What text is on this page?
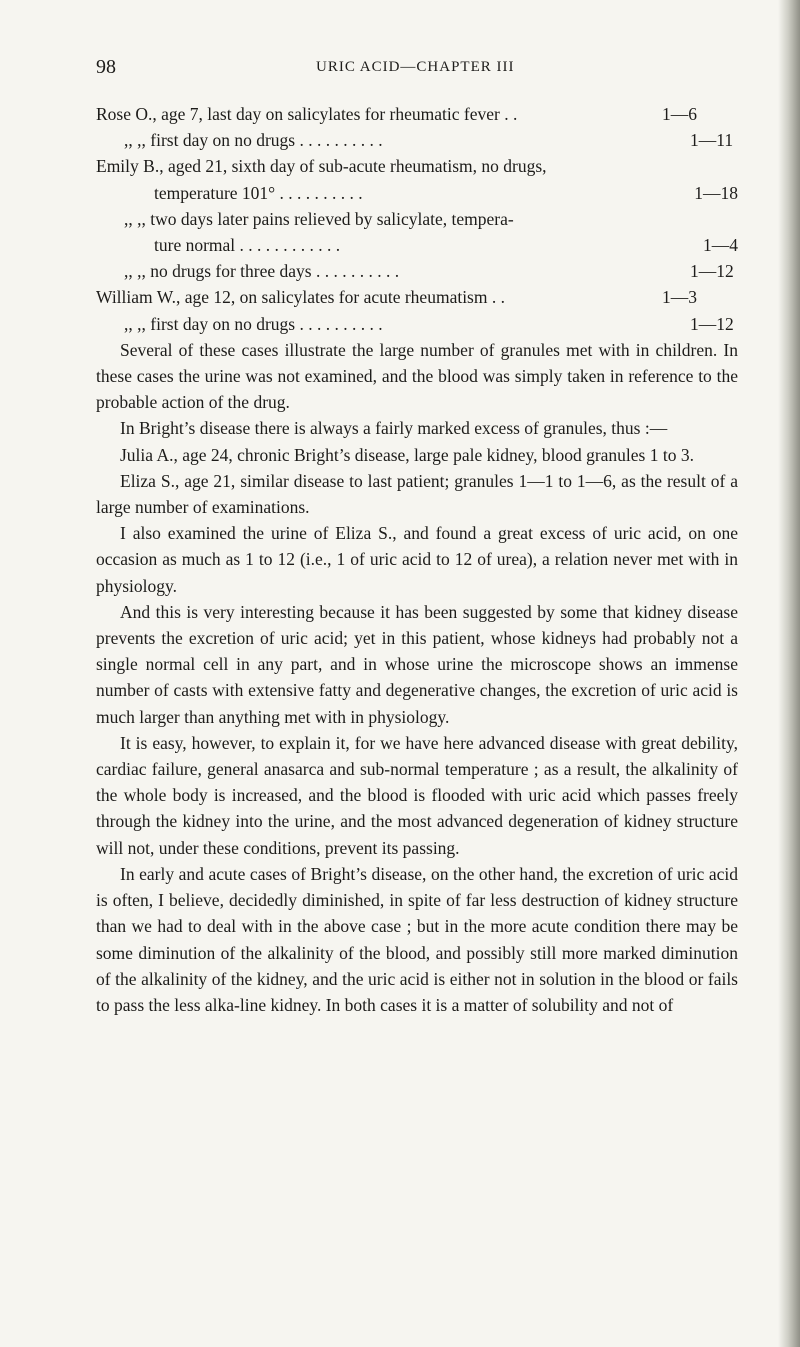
98	URIC ACID—CHAPTER III
Rose O., age 7, last day on salicylates for rheumatic fever . .	1—6
,, ,, first day on no drugs . . . . . . . . . .	1—11
Emily B., aged 21, sixth day of sub-acute rheumatism, no drugs,
temperature 101° . . . . . . . . . .	1—18
,, ,, two days later pains relieved by salicylate, tempera-
ture normal . . . . . . . . . . . .	1—4
,, ,, no drugs for three days . . . . . . . . . .	1—12
William W., age 12, on salicylates for acute rheumatism . .	1—3
,, ,, first day on no drugs . . . . . . . . . .	1—12

Several of these cases illustrate the large number of granules met with in children. In these cases the urine was not examined, and the blood was simply taken in reference to the probable action of the drug.

In Bright’s disease there is always a fairly marked excess of granules, thus :—

Julia A., age 24, chronic Bright’s disease, large pale kidney, blood granules 1 to 3.

Eliza S., age 21, similar disease to last patient; granules 1—1 to 1—6, as the result of a large number of examinations.

I also examined the urine of Eliza S., and found a great excess of uric acid, on one occasion as much as 1 to 12 (i.e., 1 of uric acid to 12 of urea), a relation never met with in physiology.

And this is very interesting because it has been suggested by some that kidney disease prevents the excretion of uric acid; yet in this patient, whose kidneys had probably not a single normal cell in any part, and in whose urine the microscope shows an immense number of casts with extensive fatty and degenerative changes, the excretion of uric acid is much larger than anything met with in physiology.

It is easy, however, to explain it, for we have here advanced disease with great debility, cardiac failure, general anasarca and sub-normal temperature ; as a result, the alkalinity of the whole body is increased, and the blood is flooded with uric acid which passes freely through the kidney into the urine, and the most advanced degeneration of kidney structure will not, under these conditions, prevent its passing.

In early and acute cases of Bright’s disease, on the other hand, the excretion of uric acid is often, I believe, decidedly diminished, in spite of far less destruction of kidney structure than we had to deal with in the above case ; but in the more acute condition there may be some diminution of the alkalinity of the blood, and possibly still more marked diminution of the alkalinity of the kidney, and the uric acid is either not in solution in the blood or fails to pass the less alka-line kidney. In both cases it is a matter of solubility and not of
